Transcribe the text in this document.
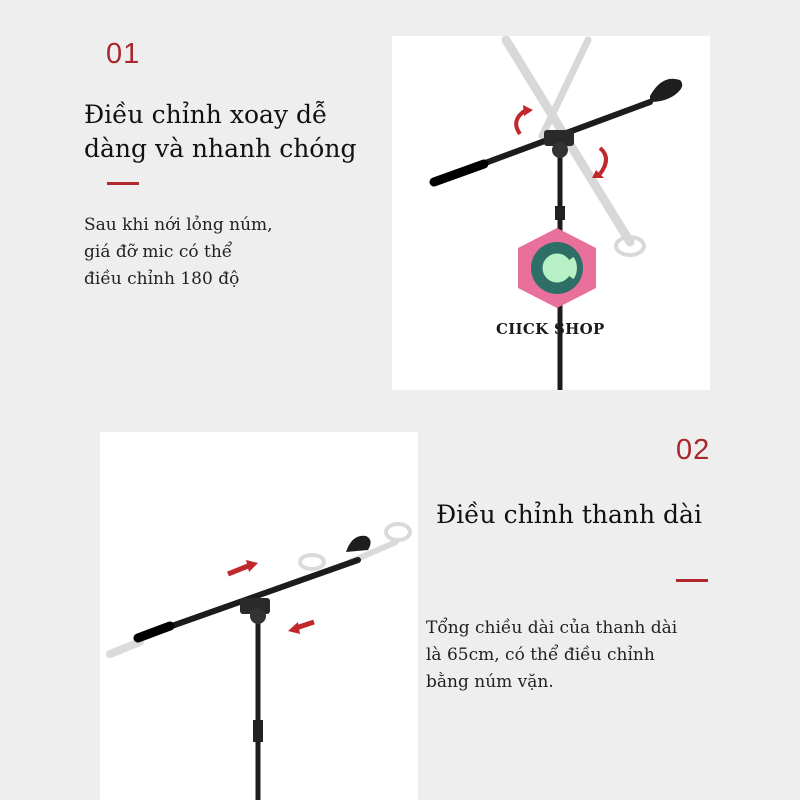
01
Điều chỉnh xoay dễ
dàng và nhanh chóng
Sau khi nới lỏng núm,
giá đỡ mic có thể
điều chỉnh 180 độ
CIICK SHOP
02
Điều chỉnh thanh dài
Tổng chiều dài của thanh dài
là 65cm, có thể điều chỉnh
bằng núm vặn.
